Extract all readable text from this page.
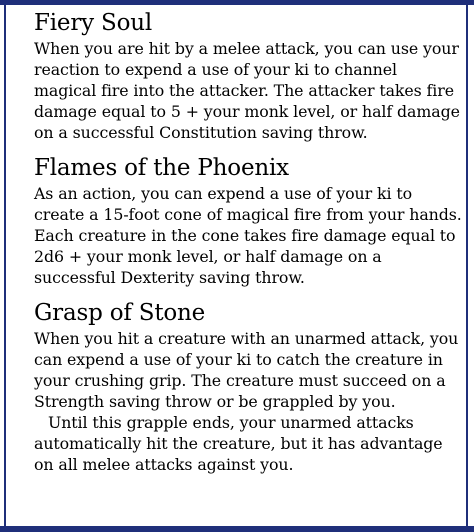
Fiery Soul

When you are hit by a melee attack, you can use your reaction to expend a use of your ki to channel magical fire into the attacker. The attacker takes fire damage equal to 5 + your monk level, or half damage on a successful Constitution saving throw.

Flames of the Phoenix

As an action, you can expend a use of your ki to create a 15-foot cone of magical fire from your hands. Each creature in the cone takes fire damage equal to 2d6 + your monk level, or half damage on a successful Dexterity saving throw.

Grasp of Stone

When you hit a creature with an unarmed attack, you can expend a use of your ki to catch the creature in your crushing grip. The creature must succeed on a Strength saving throw or be grappled by you.

Until this grapple ends, your unarmed attacks automatically hit the creature, but it has advantage on all melee attacks against you.
